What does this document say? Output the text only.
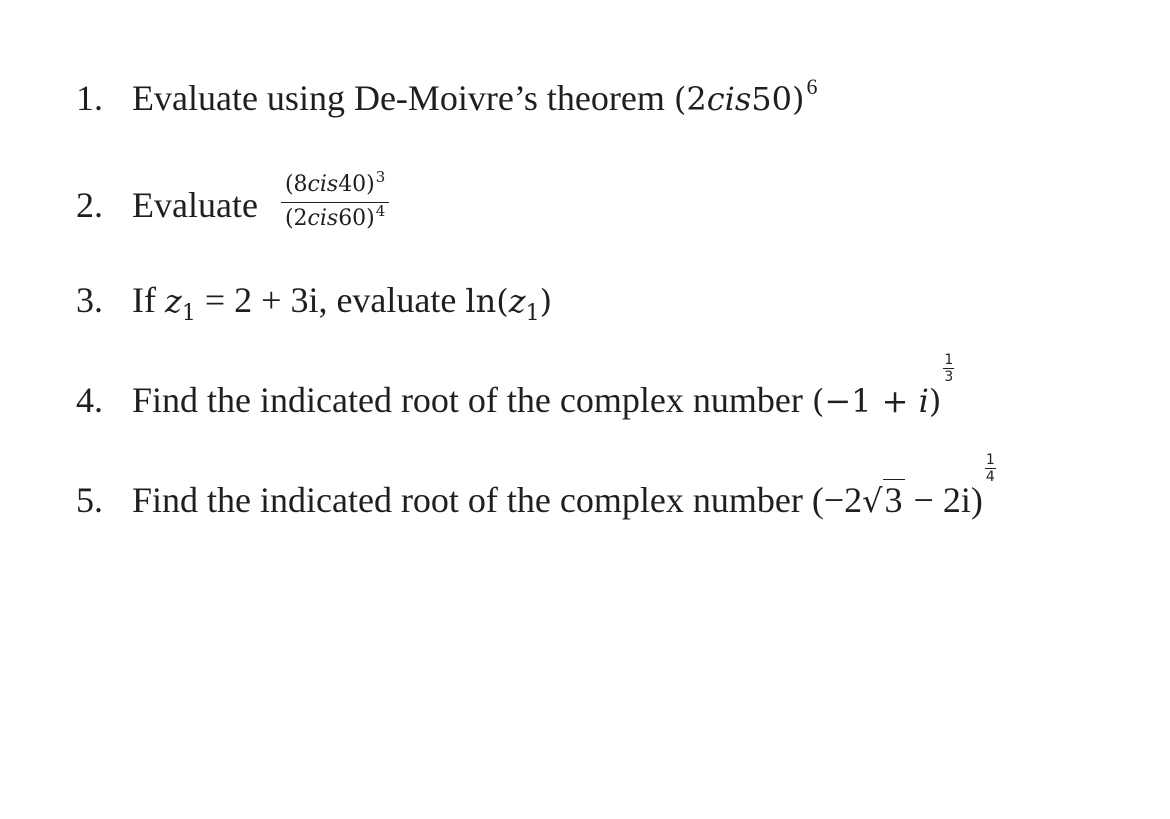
1. Evaluate using De-Moivre’s theorem $(2cis50)^6$
2. Evaluate $\frac{(8cis40)^3}{(2cis60)^4}$
3. If $z_1 = 2 + 3i$, evaluate $\ln(z_1)$
4. Find the indicated root of the complex number (−1 + i)
$\frac{1}{3}$
5. Find the indicated root of the complex number (−2√3 − 2i)
$\frac{1}{4}$
